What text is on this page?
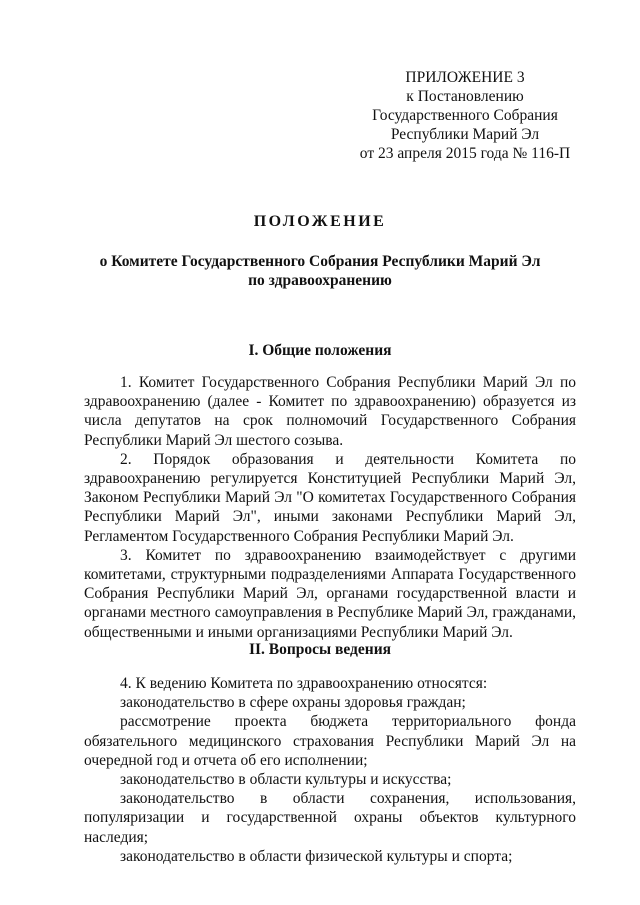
ПРИЛОЖЕНИЕ 3
к Постановлению
Государственного Собрания
Республики Марий Эл
от 23 апреля 2015 года № 116-П
ПОЛОЖЕНИЕ
о Комитете Государственного Собрания Республики Марий Эл
по здравоохранению
I. Общие положения

1. Комитет Государственного Собрания Республики Марий Эл по здравоохранению (далее - Комитет по здравоохранению) образуется из числа депутатов на срок полномочий Государственного Собрания Республики Марий Эл шестого созыва.

2. Порядок образования и деятельности Комитета по здравоохранению регулируется Конституцией Республики Марий Эл, Законом Республики Марий Эл "О комитетах Государственного Собрания Республики Марий Эл", иными законами Республики Марий Эл, Регламентом Государственного Собрания Республики Марий Эл.

3. Комитет по здравоохранению взаимодействует с другими комитетами, структурными подразделениями Аппарата Государственного Собрания Республики Марий Эл, органами государственной власти и органами местного самоуправления в Республике Марий Эл, гражданами, общественными и иными организациями Республики Марий Эл.

II. Вопросы ведения

4. К ведению Комитета по здравоохранению относятся:

законодательство в сфере охраны здоровья граждан;

рассмотрение проекта бюджета территориального фонда обязательного медицинского страхования Республики Марий Эл на очередной год и отчета об его исполнении;

законодательство в области культуры и искусства;

законодательство в области сохранения, использования, популяризации и государственной охраны объектов культурного наследия;

законодательство в области физической культуры и спорта;
